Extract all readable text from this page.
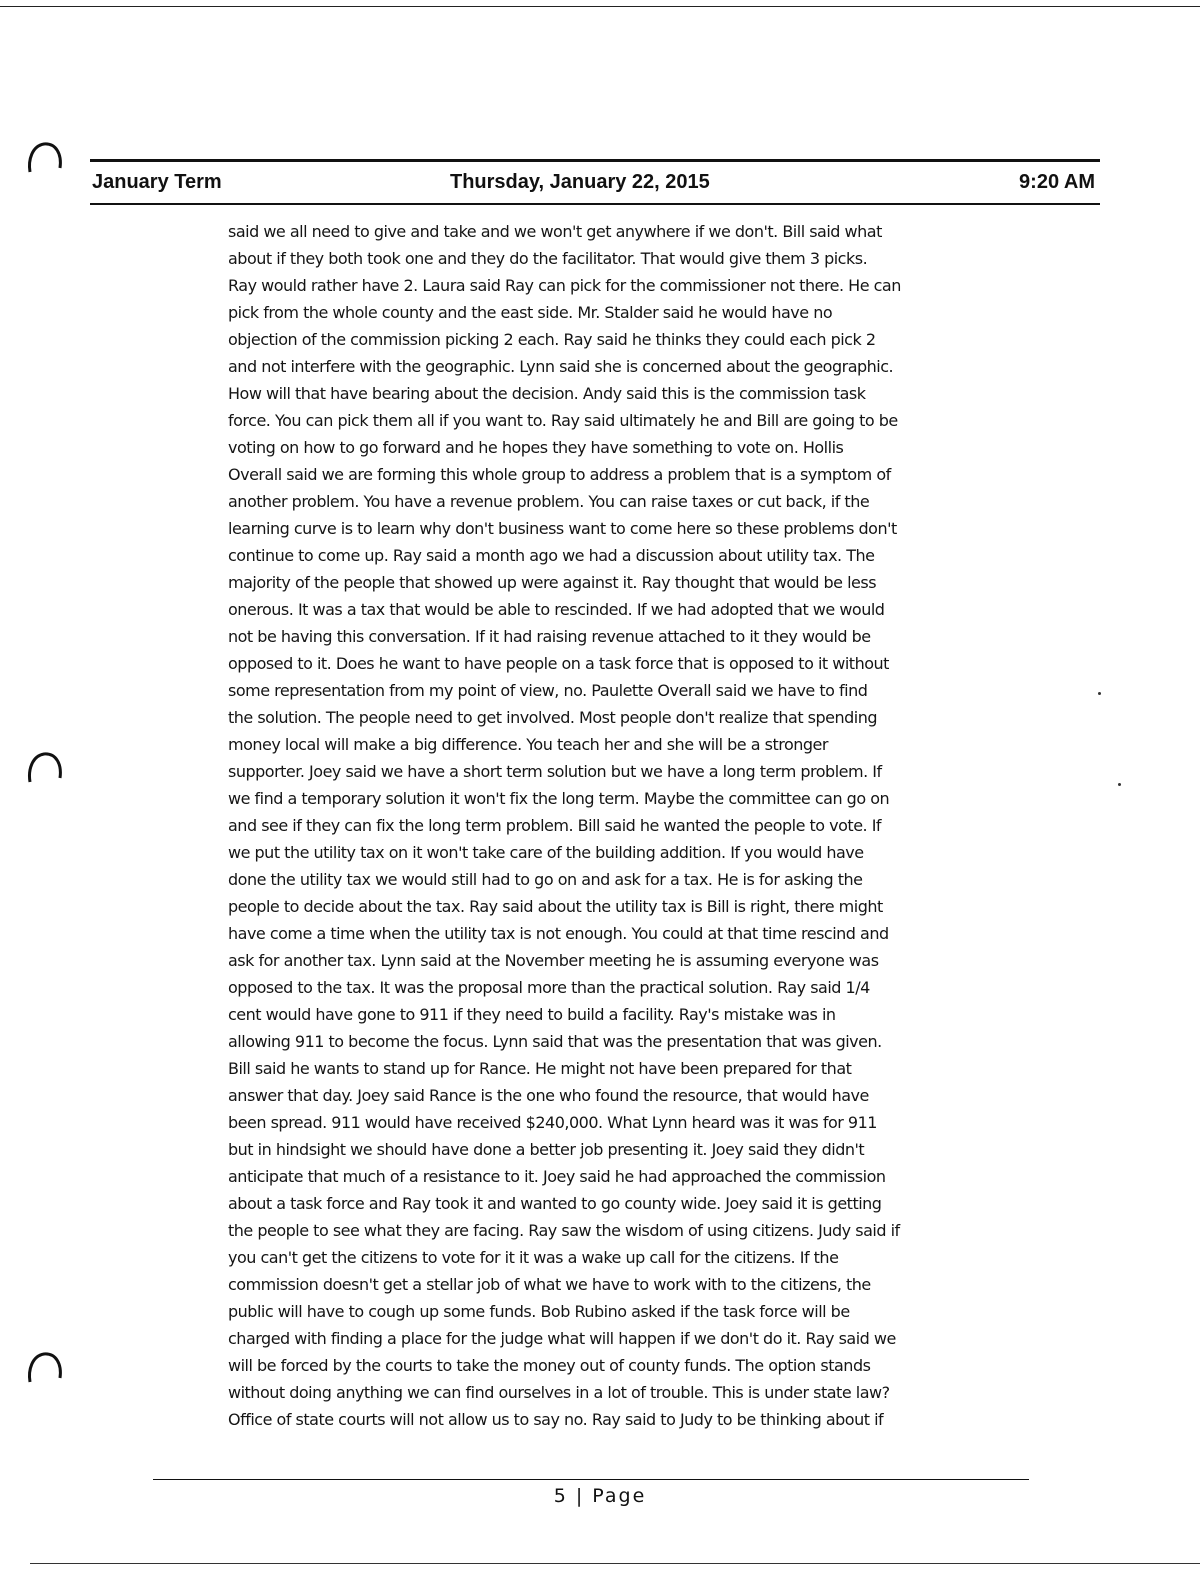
January Term	Thursday, January 22, 2015	9:20 AM
said we all need to give and take and we won't get anywhere if we don't. Bill said what
about if they both took one and they do the facilitator. That would give them 3 picks.
Ray would rather have 2. Laura said Ray can pick for the commissioner not there. He can
pick from the whole county and the east side. Mr. Stalder said he would have no
objection of the commission picking 2 each. Ray said he thinks they could each pick 2
and not interfere with the geographic. Lynn said she is concerned about the geographic.
How will that have bearing about the decision. Andy said this is the commission task
force. You can pick them all if you want to. Ray said ultimately he and Bill are going to be
voting on how to go forward and he hopes they have something to vote on. Hollis
Overall said we are forming this whole group to address a problem that is a symptom of
another problem. You have a revenue problem. You can raise taxes or cut back, if the
learning curve is to learn why don't business want to come here so these problems don't
continue to come up. Ray said a month ago we had a discussion about utility tax. The
majority of the people that showed up were against it. Ray thought that would be less
onerous. It was a tax that would be able to rescinded. If we had adopted that we would
not be having this conversation. If it had raising revenue attached to it they would be
opposed to it. Does he want to have people on a task force that is opposed to it without
some representation from my point of view, no. Paulette Overall said we have to find
the solution. The people need to get involved. Most people don't realize that spending
money local will make a big difference. You teach her and she will be a stronger
supporter. Joey said we have a short term solution but we have a long term problem. If
we find a temporary solution it won't fix the long term. Maybe the committee can go on
and see if they can fix the long term problem. Bill said he wanted the people to vote. If
we put the utility tax on it won't take care of the building addition. If you would have
done the utility tax we would still had to go on and ask for a tax. He is for asking the
people to decide about the tax. Ray said about the utility tax is Bill is right, there might
have come a time when the utility tax is not enough. You could at that time rescind and
ask for another tax. Lynn said at the November meeting he is assuming everyone was
opposed to the tax. It was the proposal more than the practical solution. Ray said 1/4
cent would have gone to 911 if they need to build a facility. Ray's mistake was in
allowing 911 to become the focus. Lynn said that was the presentation that was given.
Bill said he wants to stand up for Rance. He might not have been prepared for that
answer that day. Joey said Rance is the one who found the resource, that would have
been spread. 911 would have received $240,000. What Lynn heard was it was for 911
but in hindsight we should have done a better job presenting it. Joey said they didn't
anticipate that much of a resistance to it. Joey said he had approached the commission
about a task force and Ray took it and wanted to go county wide. Joey said it is getting
the people to see what they are facing. Ray saw the wisdom of using citizens. Judy said if
you can't get the citizens to vote for it it was a wake up call for the citizens. If the
commission doesn't get a stellar job of what we have to work with to the citizens, the
public will have to cough up some funds. Bob Rubino asked if the task force will be
charged with finding a place for the judge what will happen if we don't do it. Ray said we
will be forced by the courts to take the money out of county funds. The option stands
without doing anything we can find ourselves in a lot of trouble. This is under state law?
Office of state courts will not allow us to say no. Ray said to Judy to be thinking about if
5 | Page
